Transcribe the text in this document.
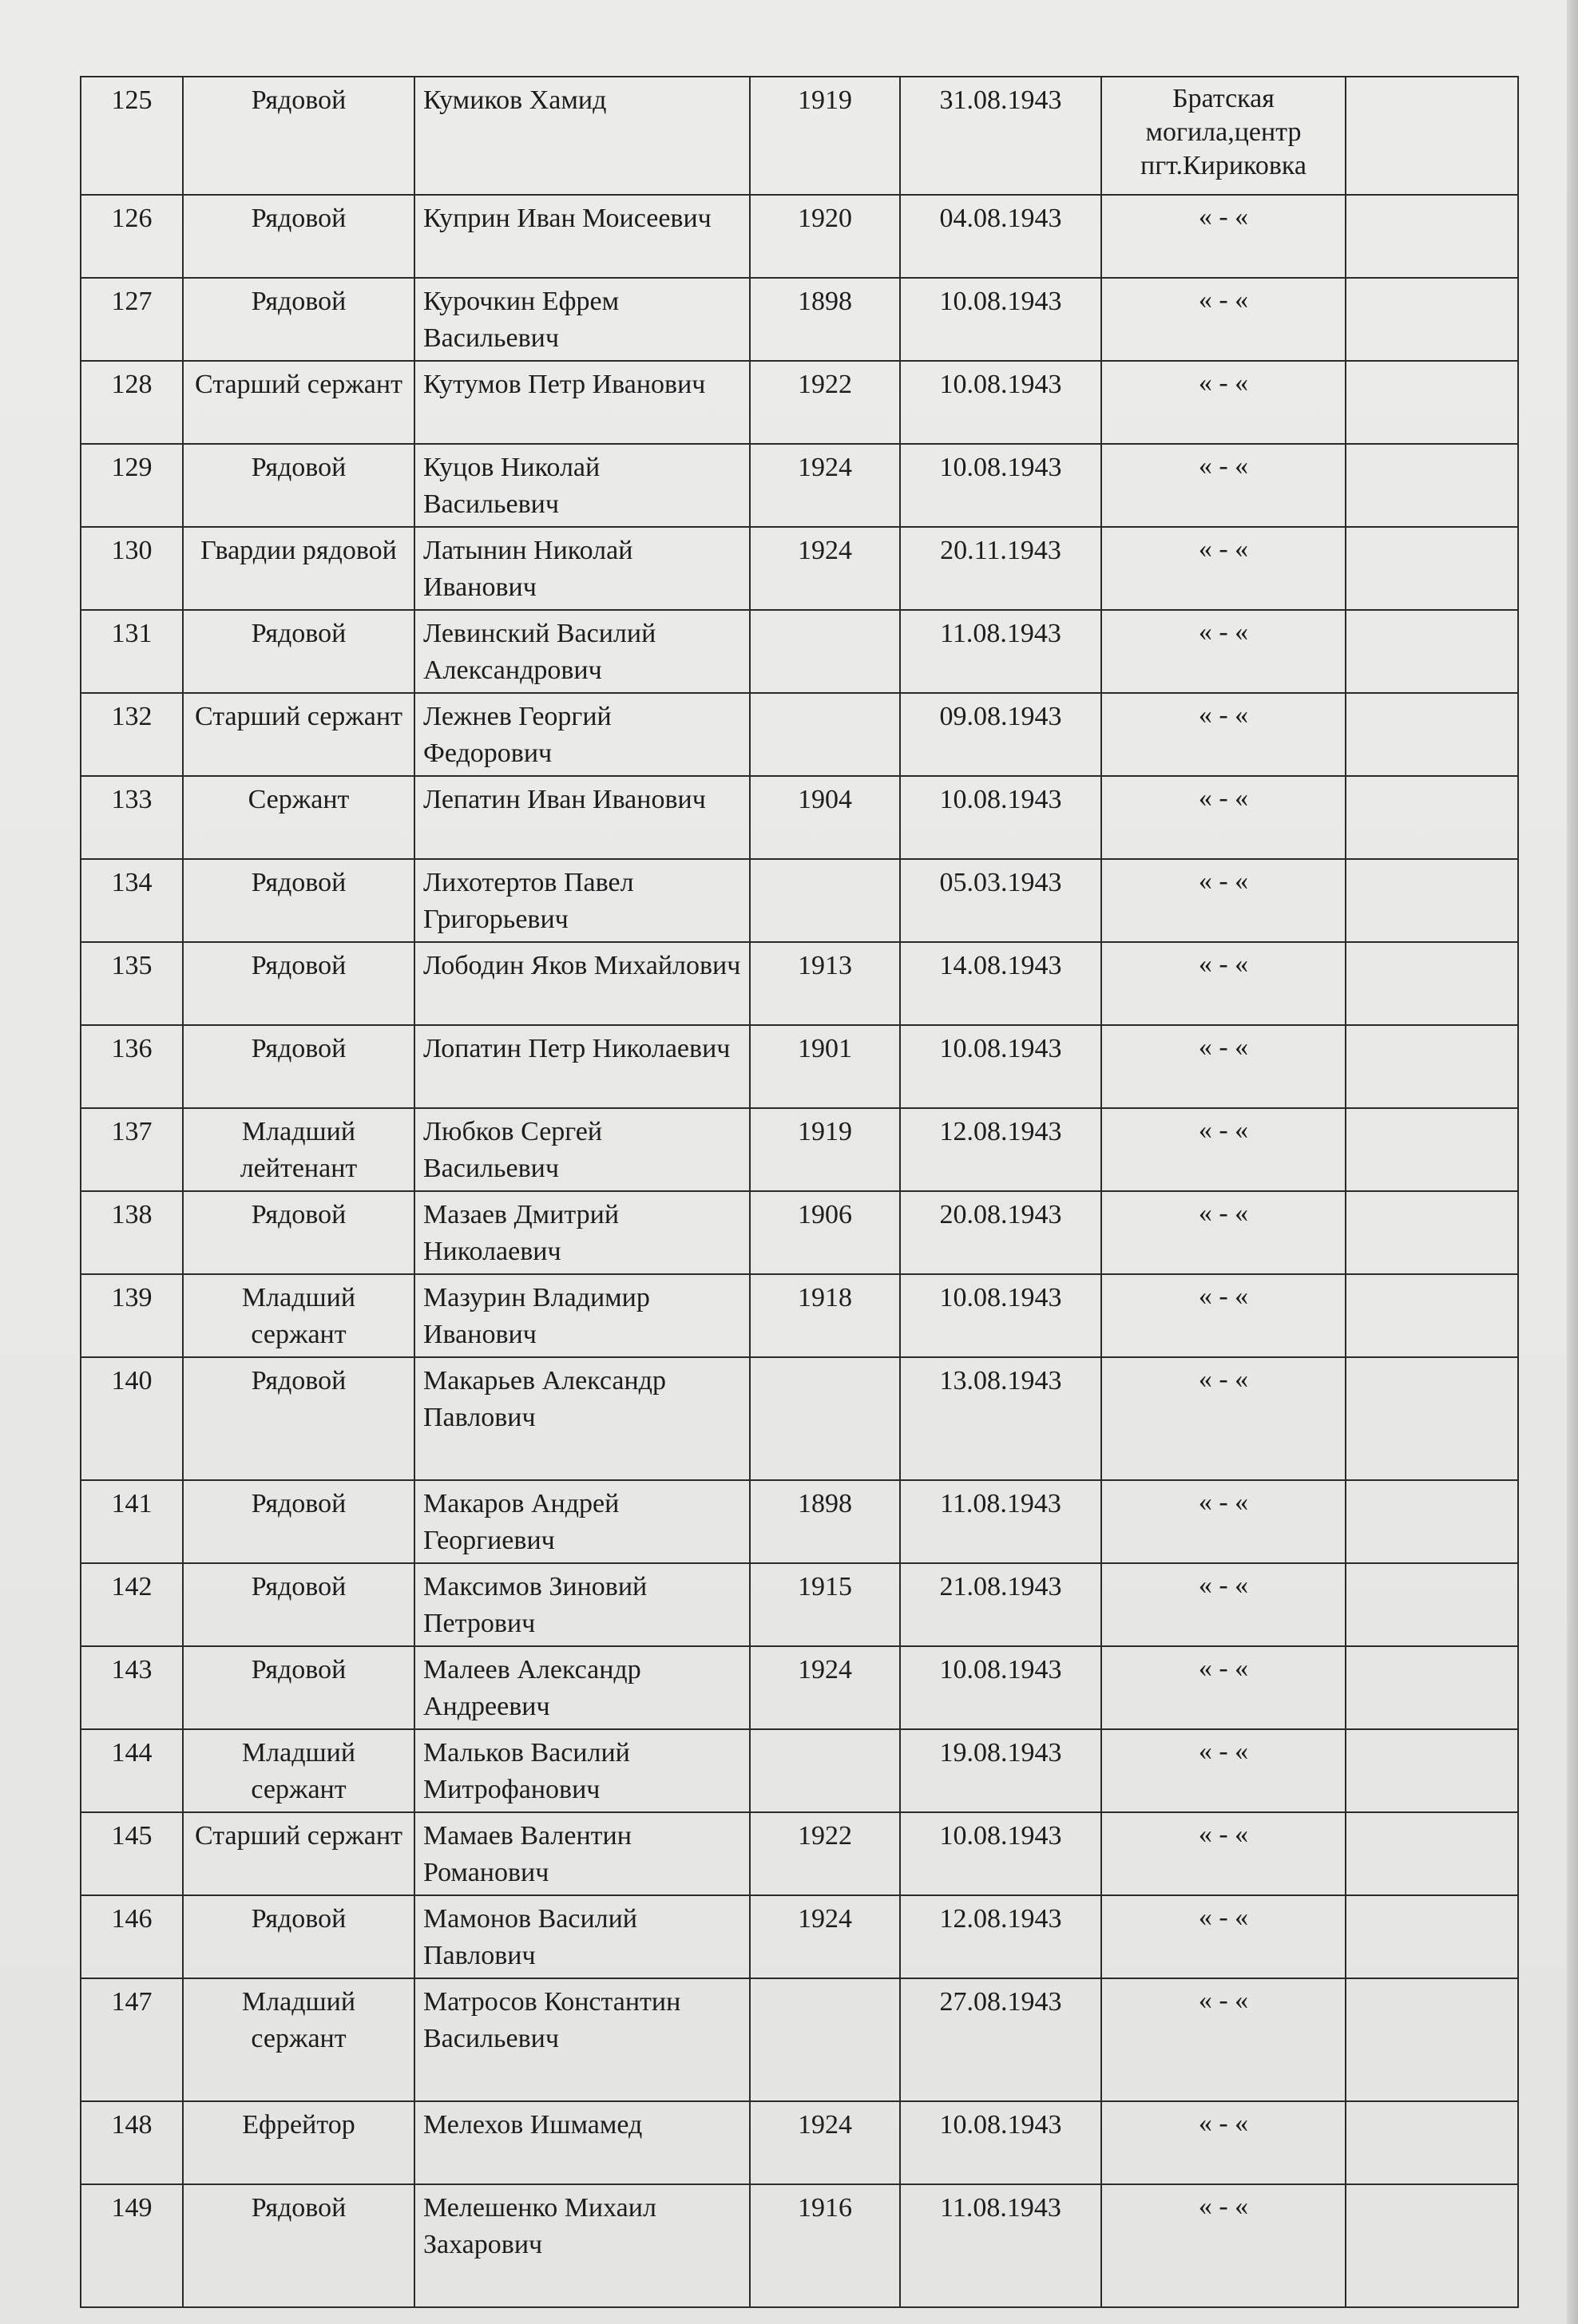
125	Рядовой	Кумиков Хамид	1919	31.08.1943	Братская могила,центр пгт.Кириковка	
126	Рядовой	Куприн Иван Моисеевич	1920	04.08.1943	« - «	
127	Рядовой	Курочкин Ефрем Васильевич	1898	10.08.1943	« - «	
128	Старший сержант	Кутумов Петр Иванович	1922	10.08.1943	« - «	
129	Рядовой	Куцов Николай Васильевич	1924	10.08.1943	« - «	
130	Гвардии рядовой	Латынин Николай Иванович	1924	20.11.1943	« - «	
131	Рядовой	Левинский Василий Александрович		11.08.1943	« - «	
132	Старший сержант	Лежнев Георгий Федорович		09.08.1943	« - «	
133	Сержант	Лепатин Иван Иванович	1904	10.08.1943	« - «	
134	Рядовой	Лихотертов Павел Григорьевич		05.03.1943	« - «	
135	Рядовой	Лободин Яков Михайлович	1913	14.08.1943	« - «	
136	Рядовой	Лопатин Петр Николаевич	1901	10.08.1943	« - «	
137	Младший лейтенант	Любков Сергей Васильевич	1919	12.08.1943	« - «	
138	Рядовой	Мазаев Дмитрий Николаевич	1906	20.08.1943	« - «	
139	Младший сержант	Мазурин Владимир Иванович	1918	10.08.1943	« - «	
140	Рядовой	Макарьев Александр Павлович		13.08.1943	« - «	
141	Рядовой	Макаров Андрей Георгиевич	1898	11.08.1943	« - «	
142	Рядовой	Максимов Зиновий Петрович	1915	21.08.1943	« - «	
143	Рядовой	Малеев Александр Андреевич	1924	10.08.1943	« - «	
144	Младший сержант	Мальков Василий Митрофанович		19.08.1943	« - «	
145	Старший сержант	Мамаев Валентин Романович	1922	10.08.1943	« - «	
146	Рядовой	Мамонов Василий Павлович	1924	12.08.1943	« - «	
147	Младший сержант	Матросов Константин Васильевич		27.08.1943	« - «	
148	Ефрейтор	Мелехов Ишмамед	1924	10.08.1943	« - «	
149	Рядовой	Мелешенко Михаил Захарович	1916	11.08.1943	« - «	
